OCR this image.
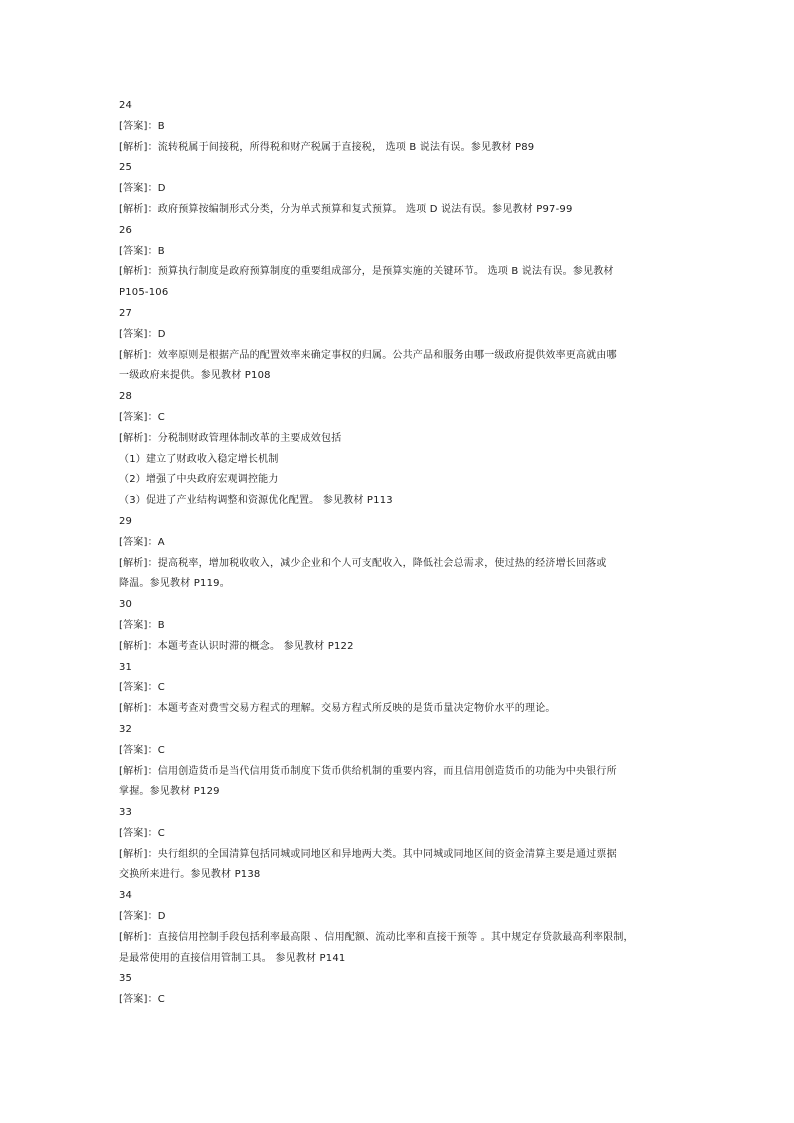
24
[答案]：B
[解析]：流转税属于间接税，所得税和财产税属于直接税， 选项 B 说法有误。参见教材 P89
25
[答案]：D
[解析]：政府预算按编制形式分类，分为单式预算和复式预算。 选项 D 说法有误。参见教材 P97-99
26
[答案]：B
[解析]：预算执行制度是政府预算制度的重要组成部分，是预算实施的关键环节。 选项 B 说法有误。参见教材
P105-106
27
[答案]：D
[解析]：效率原则是根据产品的配置效率来确定事权的归属。公共产品和服务由哪一级政府提供效率更高就由哪
一级政府来提供。参见教材 P108
28
[答案]：C
[解析]：分税制财政管理体制改革的主要成效包括
（1）建立了财政收入稳定增长机制
（2）增强了中央政府宏观调控能力
（3）促进了产业结构调整和资源优化配置。 参见教材 P113
29
[答案]：A
[解析]：提高税率，增加税收收入，减少企业和个人可支配收入，降低社会总需求，使过热的经济增长回落或
降温。参见教材 P119。
30
[答案]：B
[解析]：本题考查认识时滞的概念。 参见教材 P122
31
[答案]：C
[解析]：本题考查对费雪交易方程式的理解。交易方程式所反映的是货币量决定物价水平的理论。
32
[答案]：C
[解析]：信用创造货币是当代信用货币制度下货币供给机制的重要内容，而且信用创造货币的功能为中央银行所
掌握。参见教材 P129
33
[答案]：C
[解析]：央行组织的全国清算包括同城或同地区和异地两大类。其中同城或同地区间的资金清算主要是通过票据
交换所来进行。参见教材 P138
34
[答案]：D
[解析]：直接信用控制手段包括利率最高限 、信用配额、流动比率和直接干预等 。其中规定存贷款最高利率限制，
是最常使用的直接信用管制工具。 参见教材 P141
35
[答案]：C
